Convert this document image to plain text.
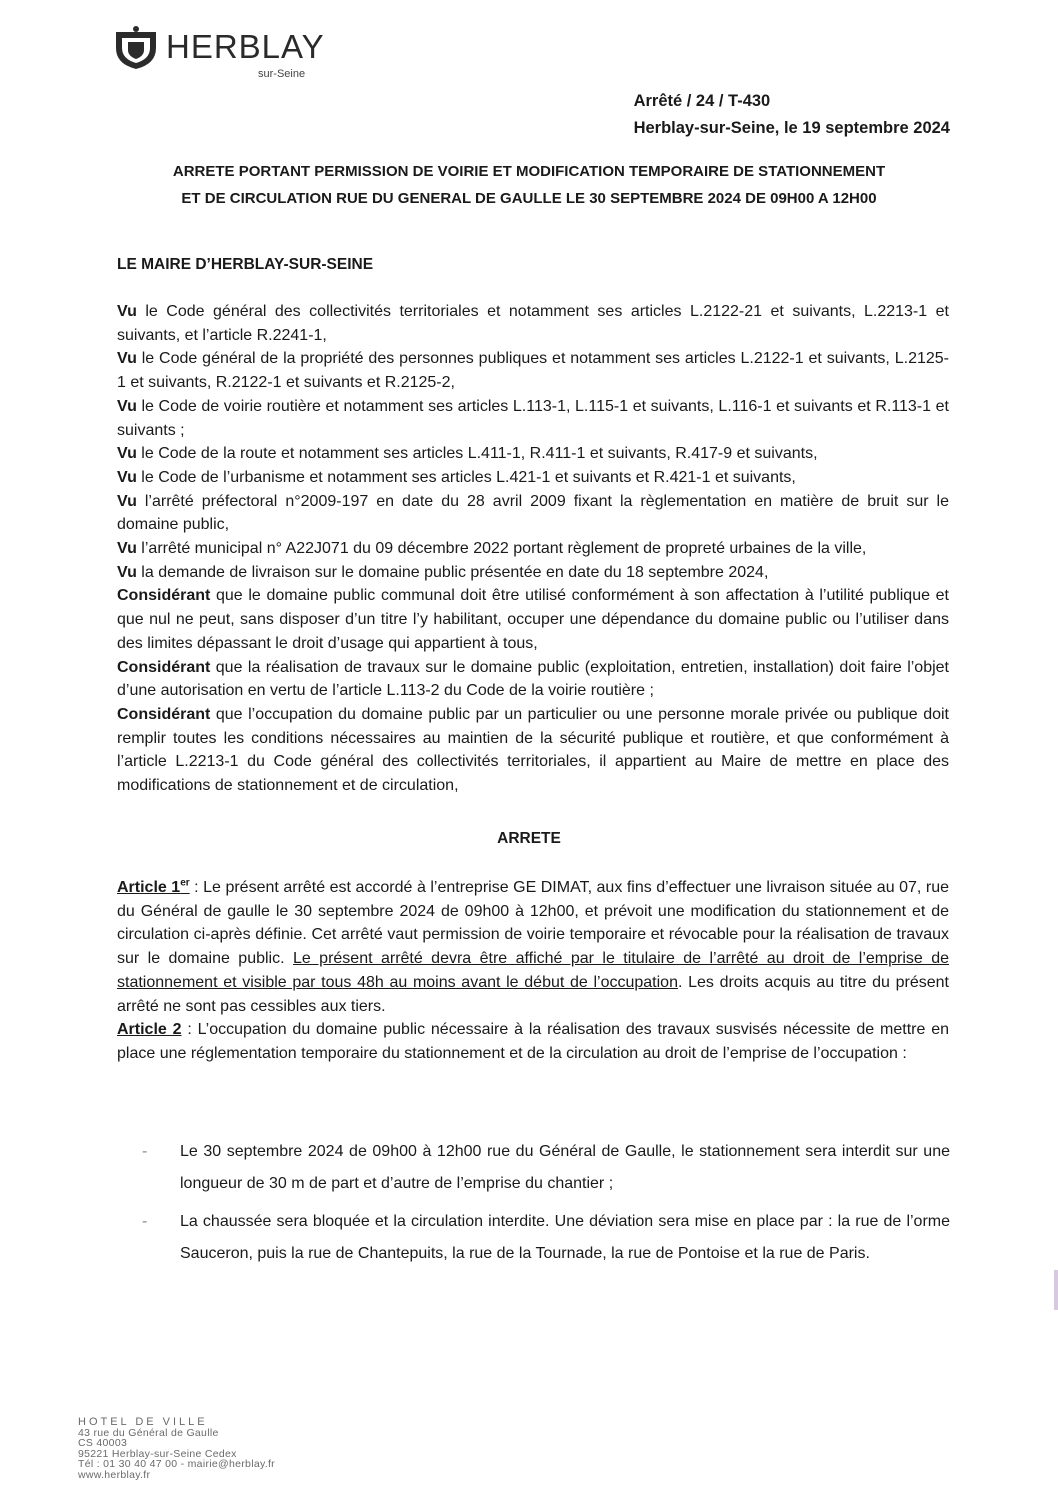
HERBLAY
sur-Seine
Arrêté / 24 / T-430
Herblay-sur-Seine, le 19 septembre 2024
ARRETE PORTANT PERMISSION DE VOIRIE ET MODIFICATION TEMPORAIRE DE STATIONNEMENT
ET DE CIRCULATION RUE DU GENERAL DE GAULLE LE 30 SEPTEMBRE 2024 DE 09H00 A 12H00
LE MAIRE D’HERBLAY-SUR-SEINE

Vu le Code général des collectivités territoriales et notamment ses articles L.2122-21 et suivants, L.2213-1 et suivants, et l’article R.2241-1,

Vu le Code général de la propriété des personnes publiques et notamment ses articles L.2122-1 et suivants, L.2125-1 et suivants, R.2122-1 et suivants et R.2125-2,

Vu le Code de voirie routière et notamment ses articles L.113-1, L.115-1 et suivants, L.116-1 et suivants et R.113-1 et suivants ;

Vu le Code de la route et notamment ses articles L.411-1, R.411-1 et suivants, R.417-9 et suivants,

Vu le Code de l’urbanisme et notamment ses articles L.421-1 et suivants et R.421-1 et suivants,

Vu l’arrêté préfectoral n°2009-197 en date du 28 avril 2009 fixant la règlementation en matière de bruit sur le domaine public,

Vu l’arrêté municipal n° A22J071 du 09 décembre 2022 portant règlement de propreté urbaines de la ville,

Vu la demande de livraison sur le domaine public présentée en date du 18 septembre 2024,

Considérant que le domaine public communal doit être utilisé conformément à son affectation à l’utilité publique et que nul ne peut, sans disposer d’un titre l’y habilitant, occuper une dépendance du domaine public ou l’utiliser dans des limites dépassant le droit d’usage qui appartient à tous,

Considérant que la réalisation de travaux sur le domaine public (exploitation, entretien, installation) doit faire l’objet d’une autorisation en vertu de l’article L.113-2 du Code de la voirie routière ;

Considérant que l’occupation du domaine public par un particulier ou une personne morale privée ou publique doit remplir toutes les conditions nécessaires au maintien de la sécurité publique et routière, et que conformément à l’article L.2213-1 du Code général des collectivités territoriales, il appartient au Maire de mettre en place des modifications de stationnement et de circulation,

ARRETE

Article 1er : Le présent arrêté est accordé à l’entreprise GE DIMAT, aux fins d’effectuer une livraison située au 07, rue du Général de gaulle le 30 septembre 2024 de 09h00 à 12h00, et prévoit une modification du stationnement et de circulation ci-après définie. Cet arrêté vaut permission de voirie temporaire et révocable pour la réalisation de travaux sur le domaine public. Le présent arrêté devra être affiché par le titulaire de l’arrêté au droit de l’emprise de stationnement et visible par tous 48h au moins avant le début de l’occupation. Les droits acquis au titre du présent arrêté ne sont pas cessibles aux tiers.

Article 2 : L’occupation du domaine public nécessaire à la réalisation des travaux susvisés nécessite de mettre en place une réglementation temporaire du stationnement et de la circulation au droit de l’emprise de l’occupation :

- Le 30 septembre 2024 de 09h00 à 12h00 rue du Général de Gaulle, le stationnement sera interdit sur une longueur de 30 m de part et d’autre de l’emprise du chantier ;
- La chaussée sera bloquée et la circulation interdite. Une déviation sera mise en place par : la rue de l’orme Sauceron, puis la rue de Chantepuits, la rue de la Tournade, la rue de Pontoise et la rue de Paris.
HOTEL DE VILLE
43 rue du Général de Gaulle
CS 40003
95221 Herblay-sur-Seine Cedex
Tél : 01 30 40 47 00 - mairie@herblay.fr
www.herblay.fr
